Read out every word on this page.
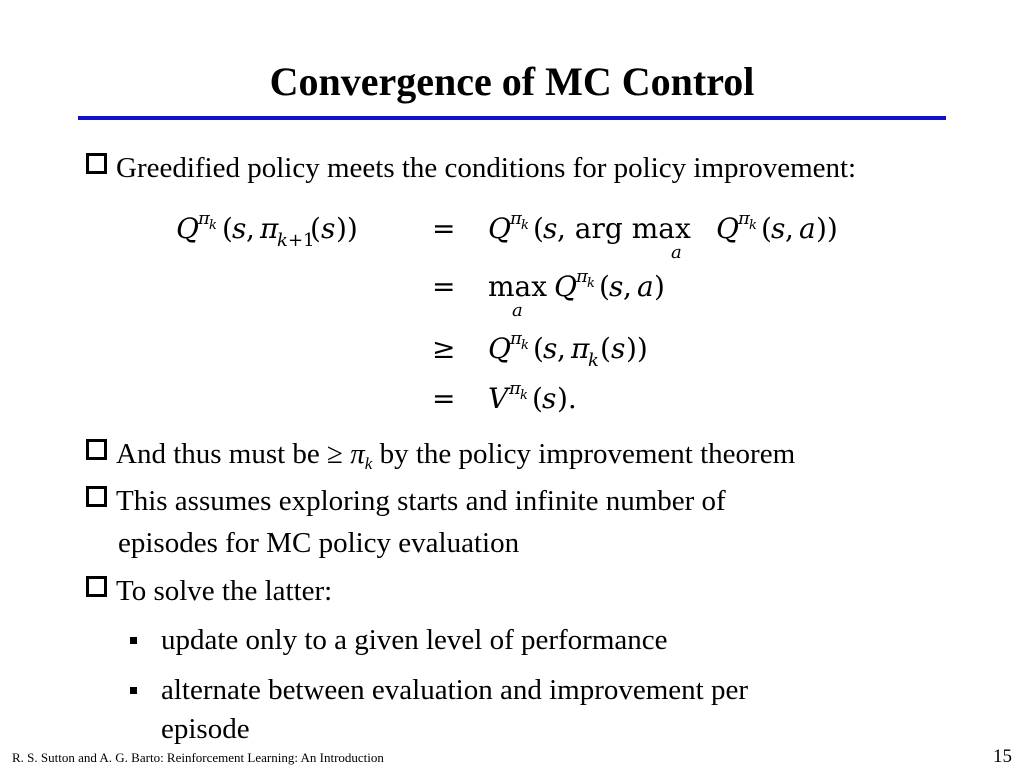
Convergence of MC Control
Greedified policy meets the conditions for policy improvement:
Q π k ( s , π
k +1
( s ))	= Q π k ( s , arg max
a
Q π k ( s , a ))
= max
a
Q π k ( s , a )
≥ Q π k ( s , π
k ( s ))
= V π k ( s ).
And thus must be ≥ $\pi_k$ by the policy improvement theorem
This assumes exploring starts and infinite number of
episodes for MC policy evaluation
To solve the latter:
update only to a given level of performance
alternate between evaluation and improvement per
episode
R. S. Sutton and A. G. Barto: Reinforcement Learning: An Introduction	15
